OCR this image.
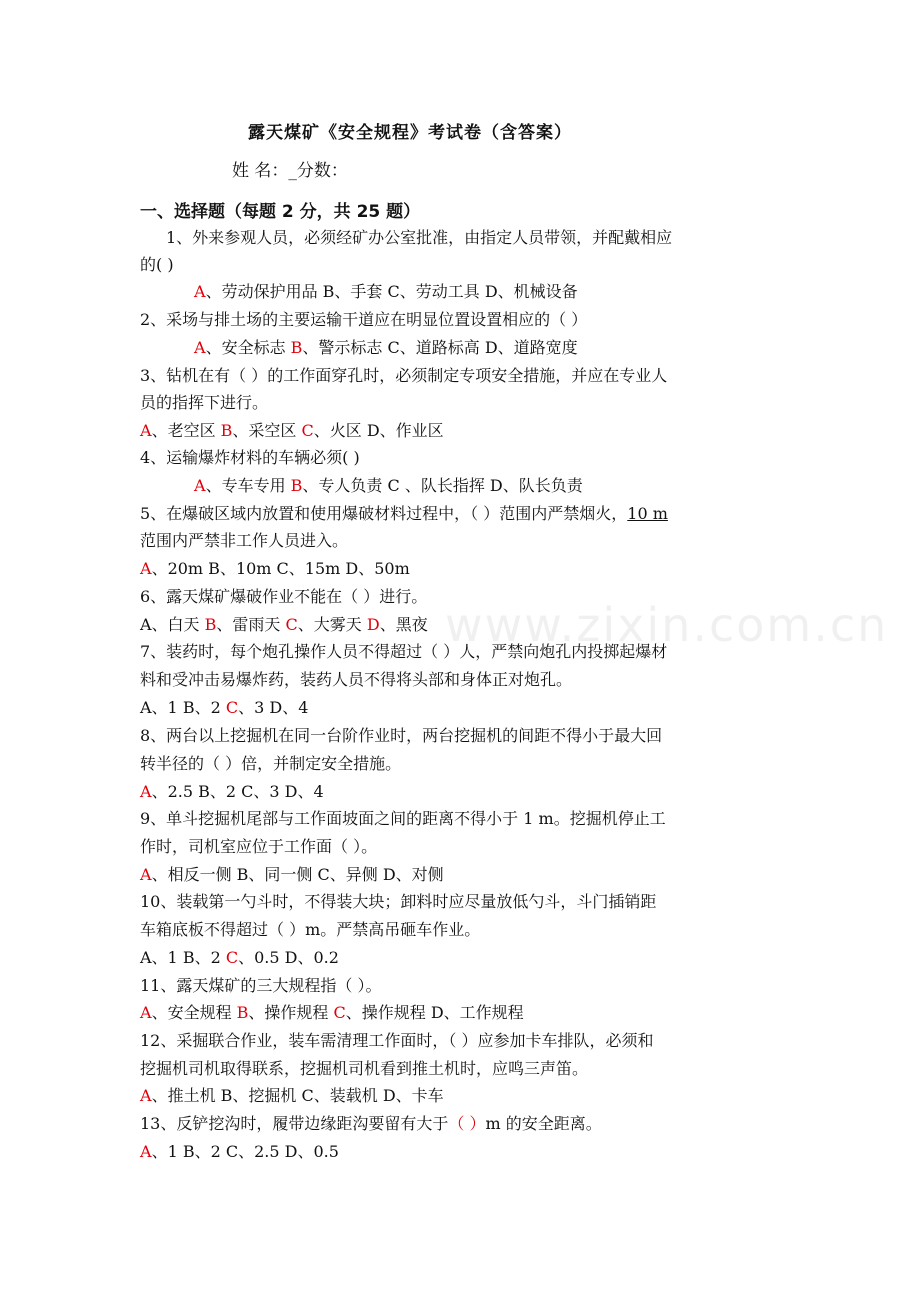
www.zixin.com.cn
露天煤矿《安全规程》考试卷（含答案）
姓 名：_分数：
一、选择题（每题 2 分，共 25 题）
1、外来参观人员，必须经矿办公室批准，由指定人员带领，并配戴相应
的( )
A、劳动保护用品 B、手套 C、劳动工具 D、机械设备
2、采场与排土场的主要运输干道应在明显位置设置相应的（ ）
A、安全标志 B、警示标志 C、道路标高 D、道路宽度
3、钻机在有（ ）的工作面穿孔时，必须制定专项安全措施，并应在专业人
员的指挥下进行。
A、老空区 B、采空区 C、火区 D、作业区
4、运输爆炸材料的车辆必须( )
A、专车专用 B、专人负责 C 、队长指挥 D、队长负责
5、在爆破区域内放置和使用爆破材料过程中，（ ）范围内严禁烟火，10 m
范围内严禁非工作人员进入。
A、20m B、10m C、15m D、50m
6、露天煤矿爆破作业不能在（ ）进行。
A、白天 B、雷雨天 C、大雾天 D、黑夜
7、装药时，每个炮孔操作人员不得超过（ ）人，严禁向炮孔内投掷起爆材
料和受冲击易爆炸药，装药人员不得将头部和身体正对炮孔。
A、1 B、2 C、3 D、4
8、两台以上挖掘机在同一台阶作业时，两台挖掘机的间距不得小于最大回
转半径的（ ）倍，并制定安全措施。
A、2.5 B、2 C、3 D、4
9、单斗挖掘机尾部与工作面坡面之间的距离不得小于 1 m。挖掘机停止工
作时，司机室应位于工作面（ ）。
A、相反一侧 B、同一侧 C、异侧 D、对侧
10、装载第一勺斗时，不得装大块；卸料时应尽量放低勺斗，斗门插销距
车箱底板不得超过（ ）m。严禁高吊砸车作业。
A、1 B、2 C、0.5 D、0.2
11、露天煤矿的三大规程指（ ）。
A、安全规程 B、操作规程 C、操作规程 D、工作规程
12、采掘联合作业，装车需清理工作面时，（ ）应参加卡车排队，必须和
挖掘机司机取得联系，挖掘机司机看到推土机时，应鸣三声笛。
A、推土机 B、挖掘机 C、装载机 D、卡车
13、反铲挖沟时，履带边缘距沟要留有大于（ ）m 的安全距离。
A、1 B、2 C、2.5 D、0.5
